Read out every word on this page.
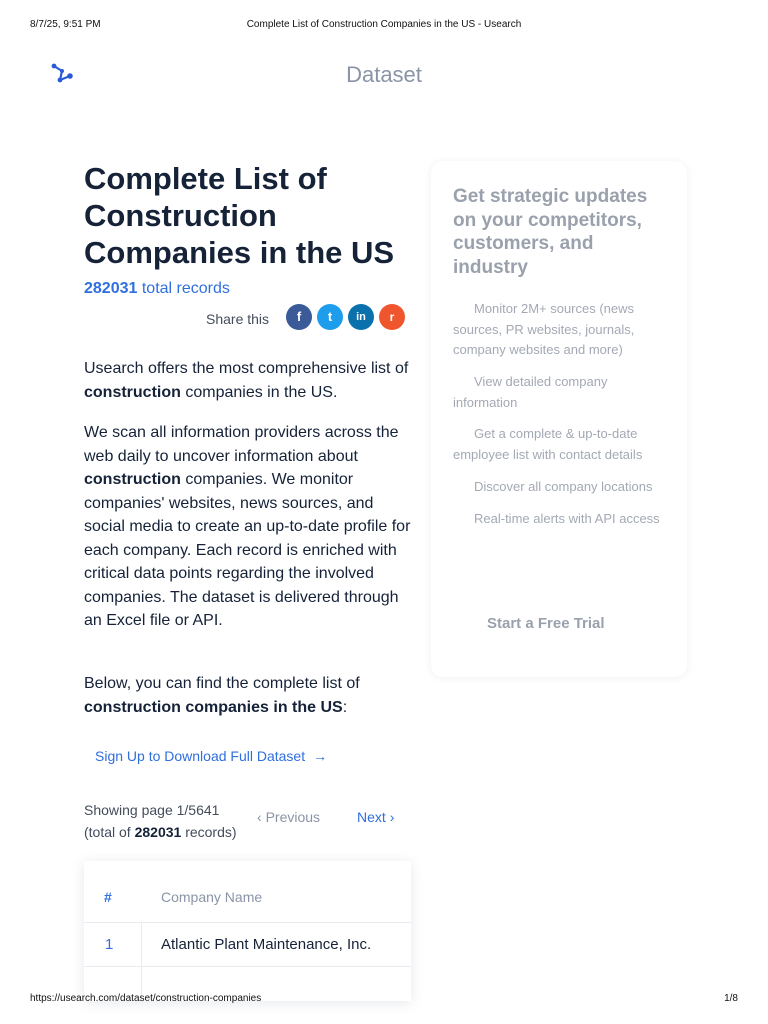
8/7/25, 9:51 PM	Complete List of Construction Companies in the US - Usearch
Dataset
Complete List of Construction Companies in the US
282031 total records
Share this	f	t	in	r

Usearch offers the most comprehensive list of construction companies in the US.

We scan all information providers across the web daily to uncover information about construction companies. We monitor companies' websites, news sources, and social media to create an up-to-date profile for each company. Each record is enriched with critical data points regarding the involved companies. The dataset is delivered through an Excel file or API.

Below, you can find the complete list of construction companies in the US:

Sign Up to Download Full Dataset →
Showing page 1/5641
(total of 282031 records)
‹ Previous	Next ›
#	Company Name
1	Atlantic Plant Maintenance, Inc.
Get strategic updates on your competitors, customers, and industry
Monitor 2M+ sources (news sources, PR websites, journals, company websites and more)
View detailed company information
Get a complete & up-to-date employee list with contact details
Discover all company locations
Real-time alerts with API access
Start a Free Trial
https://usearch.com/dataset/construction-companies	1/8
